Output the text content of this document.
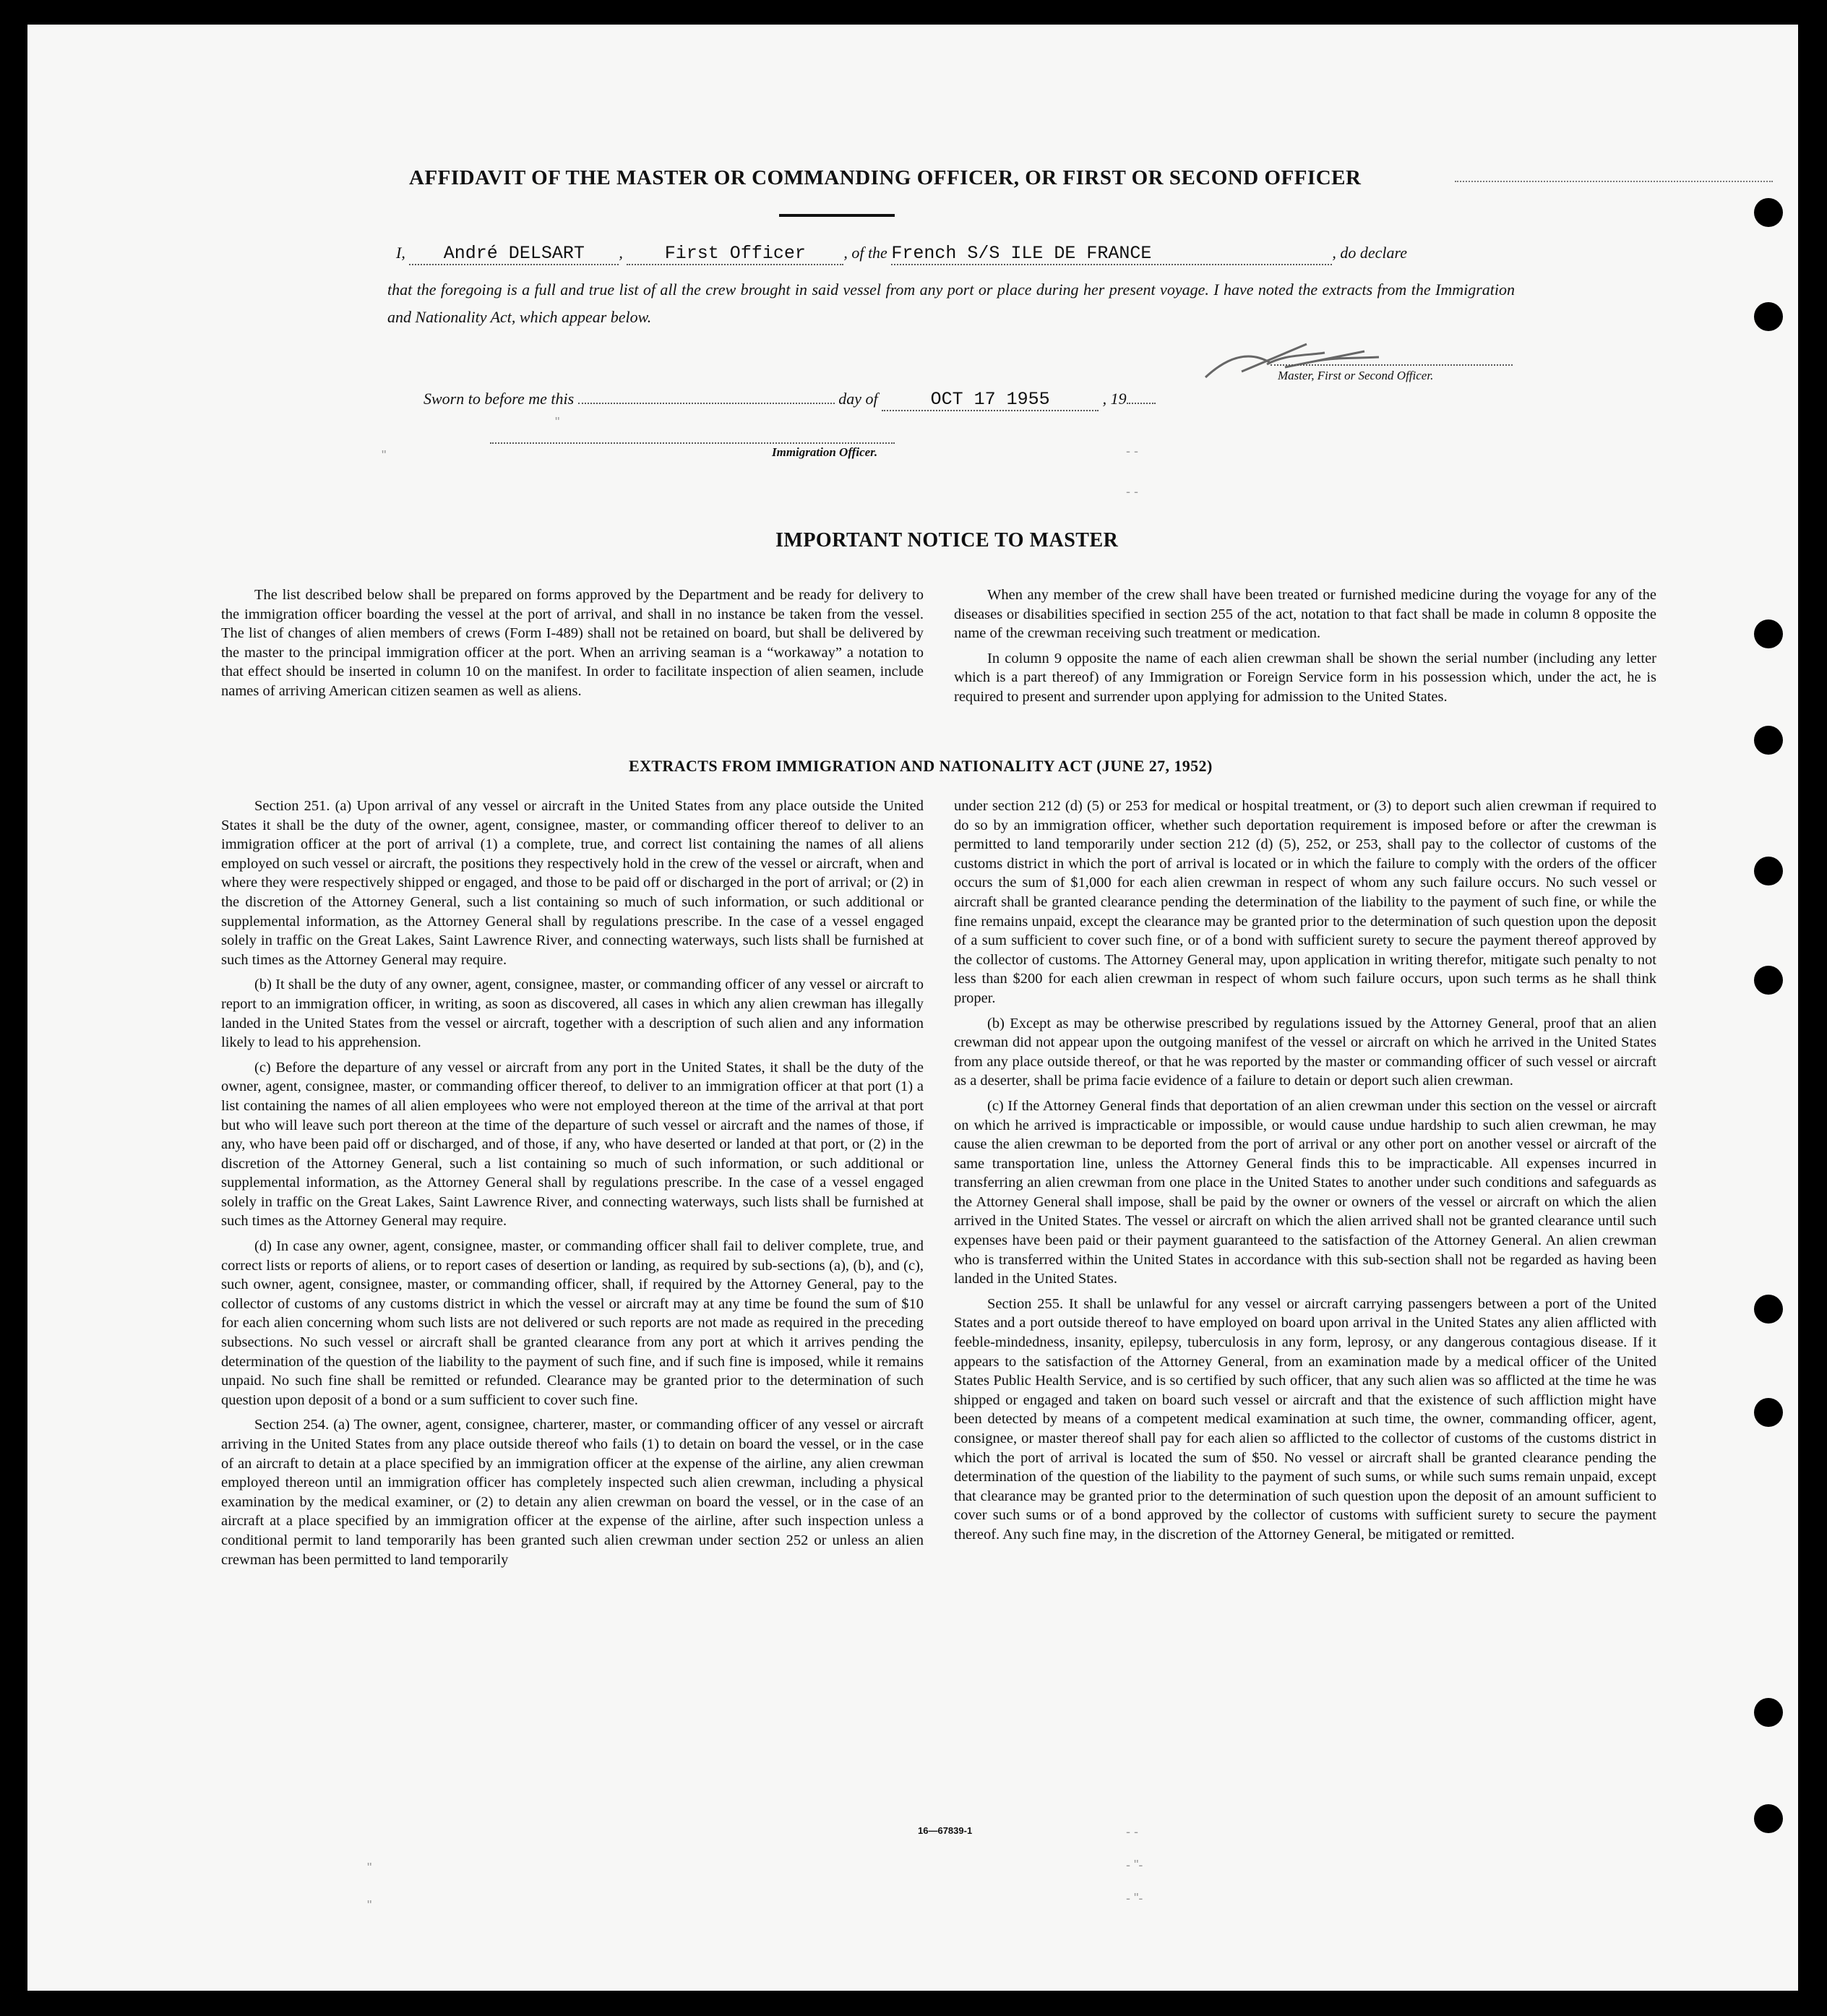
"
"	- -
- -
- -
- "-
- "-
"
"
AFFIDAVIT OF THE MASTER OR COMMANDING OFFICER, OR FIRST OR SECOND OFFICER
I, André DELSART , First Officer , of the French S/S ILE DE FRANCE	, do declare
that the foregoing is a full and true list of all the crew brought in said vessel from any port or place during her present voyage. I have noted the extracts from the Immigration and Nationality Act, which appear below.
Master, First or Second Officer.
Sworn to before me this	day of	OCT 17 1955	, 19
Immigration Officer.
IMPORTANT NOTICE TO MASTER

The list described below shall be prepared on forms approved by the Department and be ready for delivery to the immigration officer boarding the vessel at the port of arrival, and shall in no instance be taken from the vessel. The list of changes of alien members of crews (Form I-489) shall not be retained on board, but shall be delivered by the master to the principal immigration officer at the port. When an arriving seaman is a “workaway” a notation to that effect should be inserted in column 10 on the manifest. In order to facilitate inspection of alien seamen, include names of arriving American citizen seamen as well as aliens.

When any member of the crew shall have been treated or furnished medicine during the voyage for any of the diseases or disabilities specified in section 255 of the act, notation to that fact shall be made in column 8 opposite the name of the crewman receiving such treatment or medication.

In column 9 opposite the name of each alien crewman shall be shown the serial number (including any letter which is a part thereof) of any Immigration or Foreign Service form in his possession which, under the act, he is required to present and surrender upon applying for admission to the United States.

EXTRACTS FROM IMMIGRATION AND NATIONALITY ACT (JUNE 27, 1952)

Section 251. (a) Upon arrival of any vessel or aircraft in the United States from any place outside the United States it shall be the duty of the owner, agent, consignee, master, or commanding officer thereof to deliver to an immigration officer at the port of arrival (1) a complete, true, and correct list containing the names of all aliens employed on such vessel or aircraft, the positions they respectively hold in the crew of the vessel or aircraft, when and where they were respectively shipped or engaged, and those to be paid off or discharged in the port of arrival; or (2) in the discretion of the Attorney General, such a list containing so much of such information, or such additional or supplemental information, as the Attorney General shall by regulations prescribe. In the case of a vessel engaged solely in traffic on the Great Lakes, Saint Lawrence River, and connecting waterways, such lists shall be furnished at such times as the Attorney General may require.

(b) It shall be the duty of any owner, agent, consignee, master, or commanding officer of any vessel or aircraft to report to an immigration officer, in writing, as soon as discovered, all cases in which any alien crewman has illegally landed in the United States from the vessel or aircraft, together with a description of such alien and any information likely to lead to his apprehension.

(c) Before the departure of any vessel or aircraft from any port in the United States, it shall be the duty of the owner, agent, consignee, master, or commanding officer thereof, to deliver to an immigration officer at that port (1) a list containing the names of all alien employees who were not employed thereon at the time of the arrival at that port but who will leave such port thereon at the time of the departure of such vessel or aircraft and the names of those, if any, who have been paid off or discharged, and of those, if any, who have deserted or landed at that port, or (2) in the discretion of the Attorney General, such a list containing so much of such information, or such additional or supplemental information, as the Attorney General shall by regulations prescribe. In the case of a vessel engaged solely in traffic on the Great Lakes, Saint Lawrence River, and connecting waterways, such lists shall be furnished at such times as the Attorney General may require.

(d) In case any owner, agent, consignee, master, or commanding officer shall fail to deliver complete, true, and correct lists or reports of aliens, or to report cases of desertion or landing, as required by sub-sections (a), (b), and (c), such owner, agent, consignee, master, or commanding officer, shall, if required by the Attorney General, pay to the collector of customs of any customs district in which the vessel or aircraft may at any time be found the sum of $10 for each alien concerning whom such lists are not delivered or such reports are not made as required in the preceding subsections. No such vessel or aircraft shall be granted clearance from any port at which it arrives pending the determination of the question of the liability to the payment of such fine, and if such fine is imposed, while it remains unpaid. No such fine shall be remitted or refunded. Clearance may be granted prior to the determination of such question upon deposit of a bond or a sum sufficient to cover such fine.

Section 254. (a) The owner, agent, consignee, charterer, master, or commanding officer of any vessel or aircraft arriving in the United States from any place outside thereof who fails (1) to detain on board the vessel, or in the case of an aircraft to detain at a place specified by an immigration officer at the expense of the airline, any alien crewman employed thereon until an immigration officer has completely inspected such alien crewman, including a physical examination by the medical examiner, or (2) to detain any alien crewman on board the vessel, or in the case of an aircraft at a place specified by an immigration officer at the expense of the airline, after such inspection unless a conditional permit to land temporarily has been granted such alien crewman under section 252 or unless an alien crewman has been permitted to land temporarily

under section 212 (d) (5) or 253 for medical or hospital treatment, or (3) to deport such alien crewman if required to do so by an immigration officer, whether such deportation requirement is imposed before or after the crewman is permitted to land temporarily under section 212 (d) (5), 252, or 253, shall pay to the collector of customs of the customs district in which the port of arrival is located or in which the failure to comply with the orders of the officer occurs the sum of $1,000 for each alien crewman in respect of whom any such failure occurs. No such vessel or aircraft shall be granted clearance pending the determination of the liability to the payment of such fine, or while the fine remains unpaid, except the clearance may be granted prior to the determination of such question upon the deposit of a sum sufficient to cover such fine, or of a bond with sufficient surety to secure the payment thereof approved by the collector of customs. The Attorney General may, upon application in writing therefor, mitigate such penalty to not less than $200 for each alien crewman in respect of whom such failure occurs, upon such terms as he shall think proper.

(b) Except as may be otherwise prescribed by regulations issued by the Attorney General, proof that an alien crewman did not appear upon the outgoing manifest of the vessel or aircraft on which he arrived in the United States from any place outside thereof, or that he was reported by the master or commanding officer of such vessel or aircraft as a deserter, shall be prima facie evidence of a failure to detain or deport such alien crewman.

(c) If the Attorney General finds that deportation of an alien crewman under this section on the vessel or aircraft on which he arrived is impracticable or impossible, or would cause undue hardship to such alien crewman, he may cause the alien crewman to be deported from the port of arrival or any other port on another vessel or aircraft of the same transportation line, unless the Attorney General finds this to be impracticable. All expenses incurred in transferring an alien crewman from one place in the United States to another under such conditions and safeguards as the Attorney General shall impose, shall be paid by the owner or owners of the vessel or aircraft on which the alien arrived in the United States. The vessel or aircraft on which the alien arrived shall not be granted clearance until such expenses have been paid or their payment guaranteed to the satisfaction of the Attorney General. An alien crewman who is transferred within the United States in accordance with this sub-section shall not be regarded as having been landed in the United States.

Section 255. It shall be unlawful for any vessel or aircraft carrying passengers between a port of the United States and a port outside thereof to have employed on board upon arrival in the United States any alien afflicted with feeble-mindedness, insanity, epilepsy, tuberculosis in any form, leprosy, or any dangerous contagious disease. If it appears to the satisfaction of the Attorney General, from an examination made by a medical officer of the United States Public Health Service, and is so certified by such officer, that any such alien was so afflicted at the time he was shipped or engaged and taken on board such vessel or aircraft and that the existence of such affliction might have been detected by means of a competent medical examination at such time, the owner, commanding officer, agent, consignee, or master thereof shall pay for each alien so afflicted to the collector of customs of the customs district in which the port of arrival is located the sum of $50. No vessel or aircraft shall be granted clearance pending the determination of the question of the liability to the payment of such sums, or while such sums remain unpaid, except that clearance may be granted prior to the determination of such question upon the deposit of an amount sufficient to cover such sums or of a bond approved by the collector of customs with sufficient surety to secure the payment thereof. Any such fine may, in the discretion of the Attorney General, be mitigated or remitted.

16—67839-1
